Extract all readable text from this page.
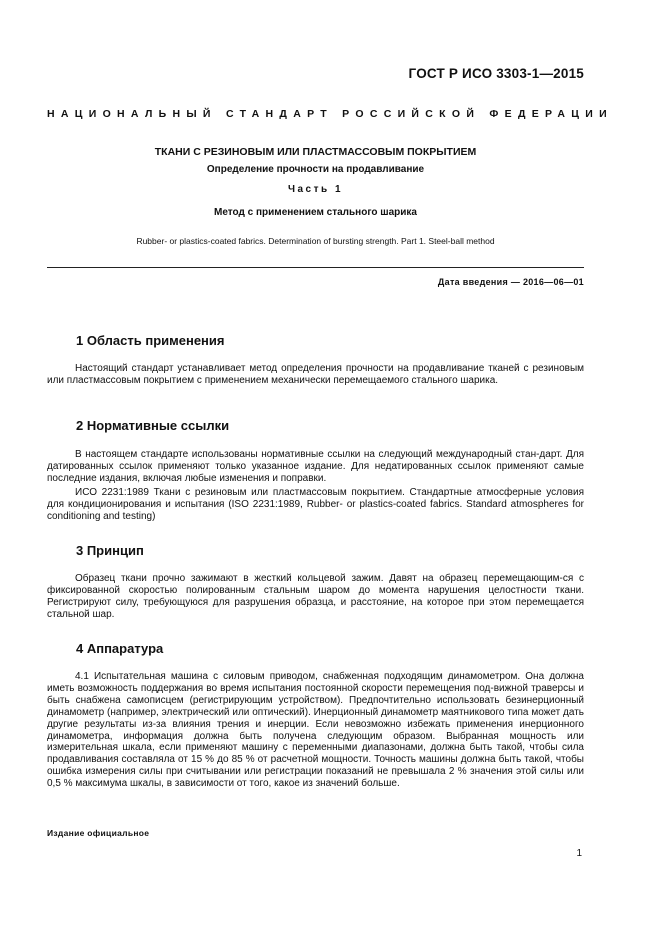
ГОСТ Р ИСО 3303-1—2015
НАЦИОНАЛЬНЫЙ СТАНДАРТ РОССИЙСКОЙ ФЕДЕРАЦИИ
ТКАНИ С РЕЗИНОВЫМ ИЛИ ПЛАСТМАССОВЫМ ПОКРЫТИЕМ
Определение прочности на продавливание
Часть 1
Метод с применением стального шарика
Rubber- or plastics-coated fabrics. Determination of bursting strength. Part 1. Steel-ball method
Дата введения — 2016—06—01
1 Область применения

Настоящий стандарт устанавливает метод определения прочности на продавливание тканей с резиновым или пластмассовым покрытием с применением механически перемещаемого стального шарика.

2 Нормативные ссылки

В настоящем стандарте использованы нормативные ссылки на следующий международный стан-дарт. Для датированных ссылок применяют только указанное издание. Для недатированных ссылок применяют самые последние издания, включая любые изменения и поправки.

ИСО 2231:1989 Ткани с резиновым или пластмассовым покрытием. Стандартные атмосферные условия для кондиционирования и испытания (ISO 2231:1989, Rubber- or plastics-coated fabrics. Standard atmospheres for conditioning and testing)

3 Принцип

Образец ткани прочно зажимают в жесткий кольцевой зажим. Давят на образец перемещающим-ся с фиксированной скоростью полированным стальным шаром до момента нарушения целостности ткани. Регистрируют силу, требующуюся для разрушения образца, и расстояние, на которое при этом перемещается стальной шар.

4 Аппаратура

4.1 Испытательная машина с силовым приводом, снабженная подходящим динамометром. Она должна иметь возможность поддержания во время испытания постоянной скорости перемещения под-вижной траверсы и быть снабжена самописцем (регистрирующим устройством). Предпочтительно использовать безинерционный динамометр (например, электрический или оптический). Инерционный динамометр маятникового типа может дать другие результаты из-за влияния трения и инерции. Если невозможно избежать применения инерционного динамометра, информация должна быть получена следующим образом. Выбранная мощность или измерительная шкала, если применяют машину с переменными диапазонами, должна быть такой, чтобы сила продавливания составляла от 15 % до 85 % от расчетной мощности. Точность машины должна быть такой, чтобы ошибка измерения силы при считывании или регистрации показаний не превышала 2 % значения этой силы или 0,5 % максимума шкалы, в зависимости от того, какое из значений больше.

Издание официальное
1
